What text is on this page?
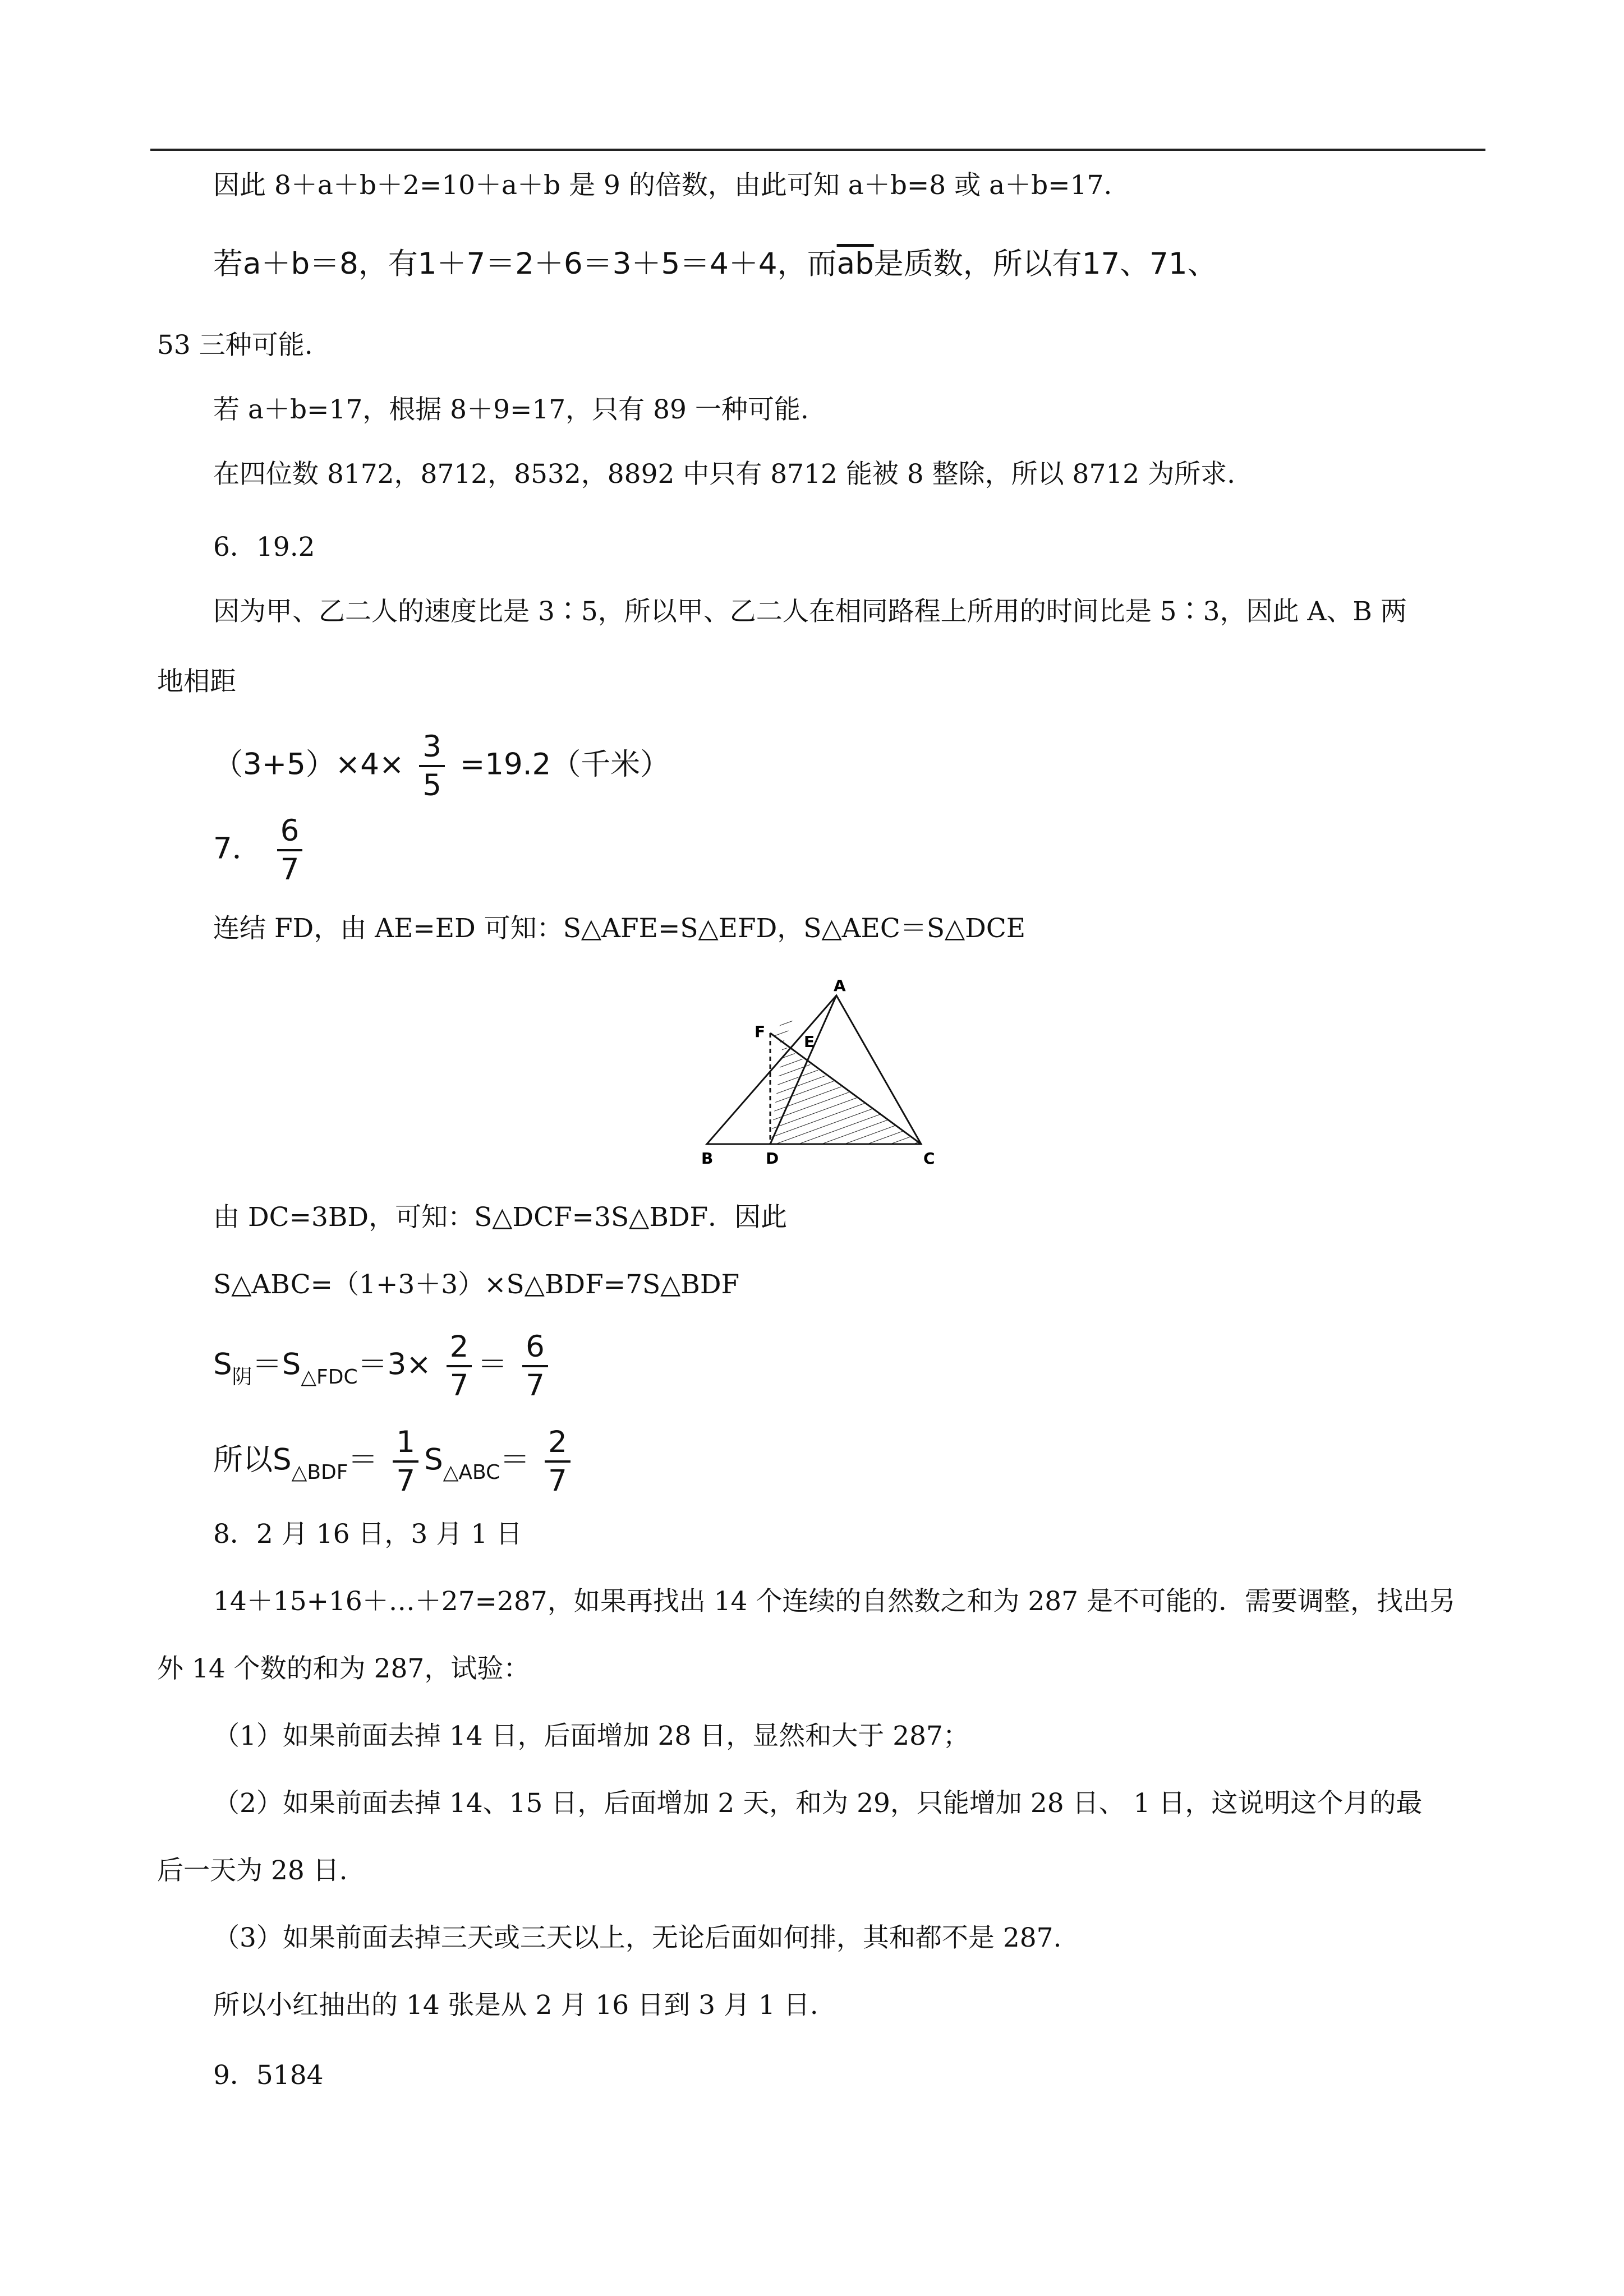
因此 8＋a＋b＋2=10＋a＋b 是 9 的倍数，由此可知 a＋b=8 或 a＋b=17.
若a＋b＝8，有1＋7＝2＋6＝3＋5＝4＋4，而$\overline{ab}$是质数，所以有17、71、
53 三种可能.
若 a＋b=17，根据 8＋9=17，只有 89 一种可能.
在四位数 8172，8712，8532，8892 中只有 8712 能被 8 整除，所以 8712 为所求.
6．19.2
因为甲、乙二人的速度比是 3∶5，所以甲、乙二人在相同路程上所用的时间比是 5∶3，因此 A、B 两
地相距
$(3+5)\times 4\times \frac{3}{5} =19.2$（千米）
7． $\frac{6}{7}$
连结 FD，由 AE=ED 可知：S△AFE=S△EFD，S△AEC＝S△DCE
A
B	C
D
E
F
由 DC=3BD，可知：S△DCF=3S△BDF．因此
S△ABC=（1+3＋3）×S△BDF=7S△BDF
$S_阴=S_{\triangle FDC}=3\times \frac{2}{7} = \frac{6}{7}$
所以$S_{\triangle BDF}= \frac{1}{7} S_{\triangle ABC}= \frac{2}{7}$
8．2 月 16 日，3 月 1 日
14＋15+16＋…＋27=287，如果再找出 14 个连续的自然数之和为 287 是不可能的．需要调整，找出另
外 14 个数的和为 287，试验：
（1）如果前面去掉 14 日，后面增加 28 日，显然和大于 287；
（2）如果前面去掉 14、15 日，后面增加 2 天，和为 29，只能增加 28 日、 1 日，这说明这个月的最
后一天为 28 日.
（3）如果前面去掉三天或三天以上，无论后面如何排，其和都不是 287.
所以小红抽出的 14 张是从 2 月 16 日到 3 月 1 日.
9．5184
